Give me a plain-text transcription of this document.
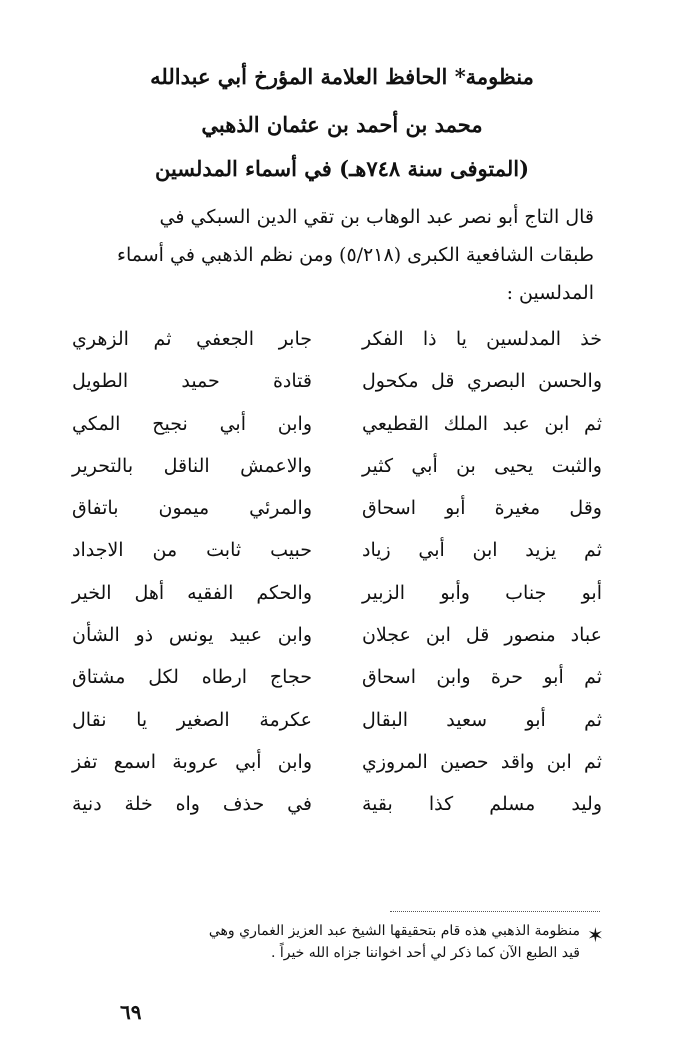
منظومة* الحافظ العلامة المؤرخ أبي عبدالله
محمد بن أحمد بن عثمان الذهبي
(المتوفى سنة ٧٤٨هـ) في أسماء المدلسين
قال التاج أبو نصر عبد الوهاب بن تقي الدين السبكي في
طبقات الشافعية الكبرى (٥/٢١٨) ومن نظم الذهبي في أسماء
المدلسين :
خذ المدلسين يا ذا الفكر
جابر الجعفي ثم الزهري
والحسن البصري قل مكحول
قتادة حميد الطويل
ثم ابن عبد الملك القطيعي
وابن أبي نجيح المكي
والثبت يحيى بن أبي كثير
والاعمش الناقل بالتحرير
وقل مغيرة أبو اسحاق
والمرئي ميمون باتفاق
ثم يزيد ابن أبي زياد
حبيب ثابت من الاجداد
أبو جناب وأبو الزبير
والحكم الفقيه أهل الخير
عباد منصور قل ابن عجلان
وابن عبيد يونس ذو الشأن
ثم أبو حرة وابن اسحاق
حجاج ارطاه لكل مشتاق
ثم أبو سعيد البقال
عكرمة الصغير يا نقال
ثم ابن واقد حصين المروزي
وابن أبي عروبة اسمع تفز
وليد مسلم كذا بقية
في حذف واه خلة دنية
✶
منظومة الذهبي هذه قام بتحقيقها الشيخ عبد العزيز الغماري وهي
قيد الطبع الآن كما ذكر لي أحد اخواننا جزاه الله خيراً .
٦٩
